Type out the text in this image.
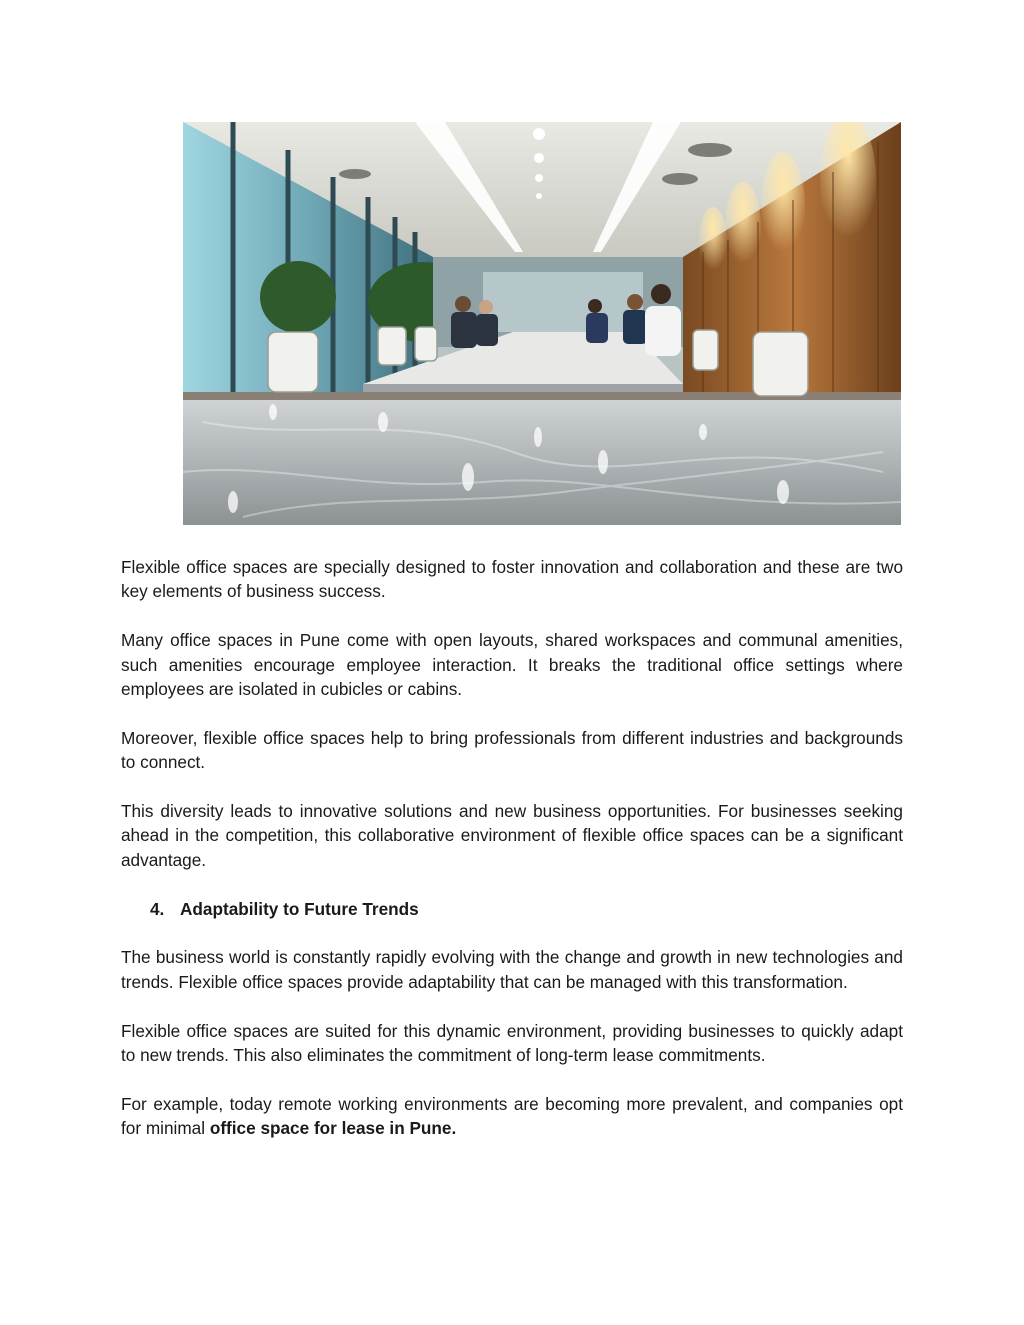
Flexible office spaces are specially designed to foster innovation and collaboration and these are two key elements of business success.

Many office spaces in Pune come with open layouts, shared workspaces and communal amenities, such amenities encourage employee interaction. It breaks the traditional office settings where employees are isolated in cubicles or cabins.

Moreover, flexible office spaces help to bring professionals from different industries and backgrounds to connect.

This diversity leads to innovative solutions and new business opportunities. For businesses seeking ahead in the competition, this collaborative environment of flexible office spaces can be a significant advantage.

4. Adaptability to Future Trends

The business world is constantly rapidly evolving with the change and growth in new technologies and trends. Flexible office spaces provide adaptability that can be managed with this transformation.

Flexible office spaces are suited for this dynamic environment, providing businesses to quickly adapt to new trends. This also eliminates the commitment of long-term lease commitments.

For example, today remote working environments are becoming more prevalent, and companies opt for minimal office space for lease in Pune.
